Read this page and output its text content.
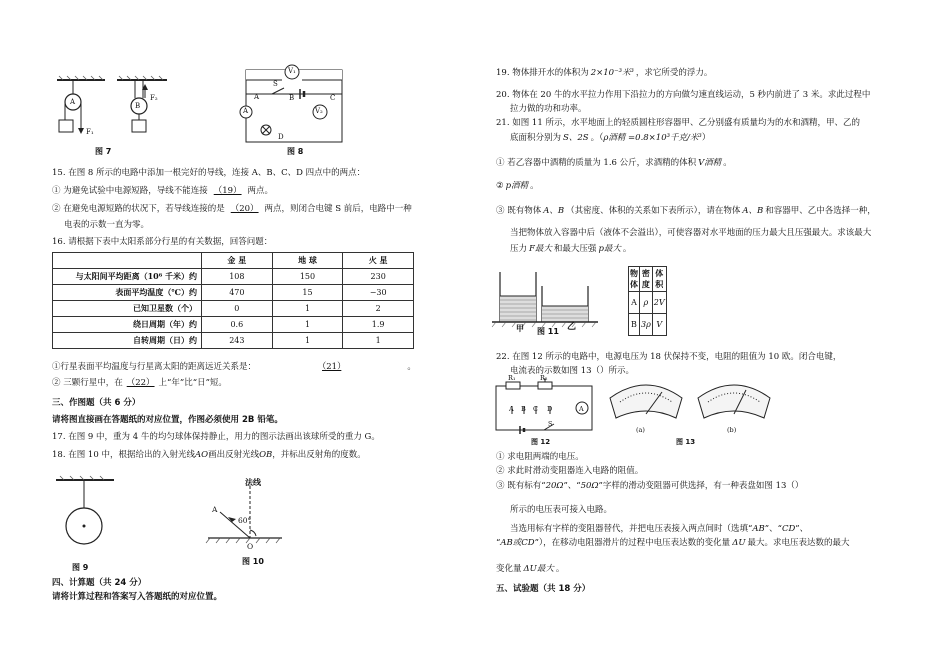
A
F₁
B
F₂
图 7
V₁
S
A	B	C
A	V₂
D
图 8
15. 在图 8 所示的电路中添加一根完好的导线，连接 A、B、C、D 四点中的两点：
① 为避免试验中电源短路，导线不能连接 （19） 两点。
② 在避免电源短路的状况下，若导线连接的是 （20） 两点，则闭合电键 S 前后，电路中一种
电表的示数一直为零。
16. 请根据下表中太阳系部分行星的有关数据，回答问题：
	金 星	地 球	火 星
与太阳间平均距离（10⁶ 千米）约	108	150	230
表面平均温度（℃）约	470	15	−30
已知卫星数（个）	0	1	2
绕日周期（年）约	0.6	1	1.9
自转周期（日）约	243	1	1
①行星表面平均温度与行星离太阳的距离远近关系是：	（21）	。
② 三颗行星中，在 （22） 上“年”比“日”短。
三、作图题（共 6 分）
请将图直接画在答题纸的对应位置，作图必须使用 2B 铅笔。
17. 在图 9 中，重为 4 牛的均匀球体保持静止，用力的图示法画出该球所受的重力 G。
18. 在图 10 中，根据给出的入射光线AO画出反射光线OB，并标出反射角的度数。
图 9
法线
A
60°
O
图 10
四、计算题（共 24 分）
请将计算过程和答案写入答题纸的对应位置。
19. 物体排开水的体积为 2×10⁻³米³ ，求它所受的浮力。
20. 物体在 20 牛的水平拉力作用下沿拉力的方向做匀速直线运动，5 秒内前进了 3 米。求此过程中
拉力做的功和功率。
21. 如图 11 所示，水平地面上的轻质圆柱形容器甲、乙分别盛有质量均为的水和酒精，甲、乙的
底面积分别为 S、2S 。（ρ酒精 =0.8×10³千克/米³）
① 若乙容器中酒精的质量为 1.6 公斤，求酒精的体积 V酒精 。
② p酒精 。
③ 既有物体 A、B （其密度、体积的关系如下表所示），请在物体 A、B 和容器甲、乙中各选择一种，
当把物体放入容器中后（液体不会溢出），可使容器对水平地面的压力最大且压强最大。求该最大
压力 F最大 和最大压强 p最大 。
甲 图 11 乙
物体	密度	体积
A	ρ	2V
B	3ρ	V
22. 在图 12 所示的电路中，电源电压为 18 伏保持不变，电阻的阻值为 10 欧。闭合电键，
电流表的示数如图 13（）所示。
R₁	R₂
A B C D	A
S
图 12
(a)	(b)
图 13
① 求电阻两端的电压。
② 求此时滑动变阻器连入电路的阻值。
③ 既有标有“20Ω”、“50Ω”字样的滑动变阻器可供选择，有一种表盘如图 13（）
所示的电压表可接入电路。
当选用标有字样的变阻器替代，并把电压表接入两点间时（选填“AB”、“CD”、
“AB或CD”），在移动电阻器滑片的过程中电压表达数的变化量 ΔU 最大。求电压表达数的最大
变化量 ΔU最大 。
五、试验题（共 18 分）
